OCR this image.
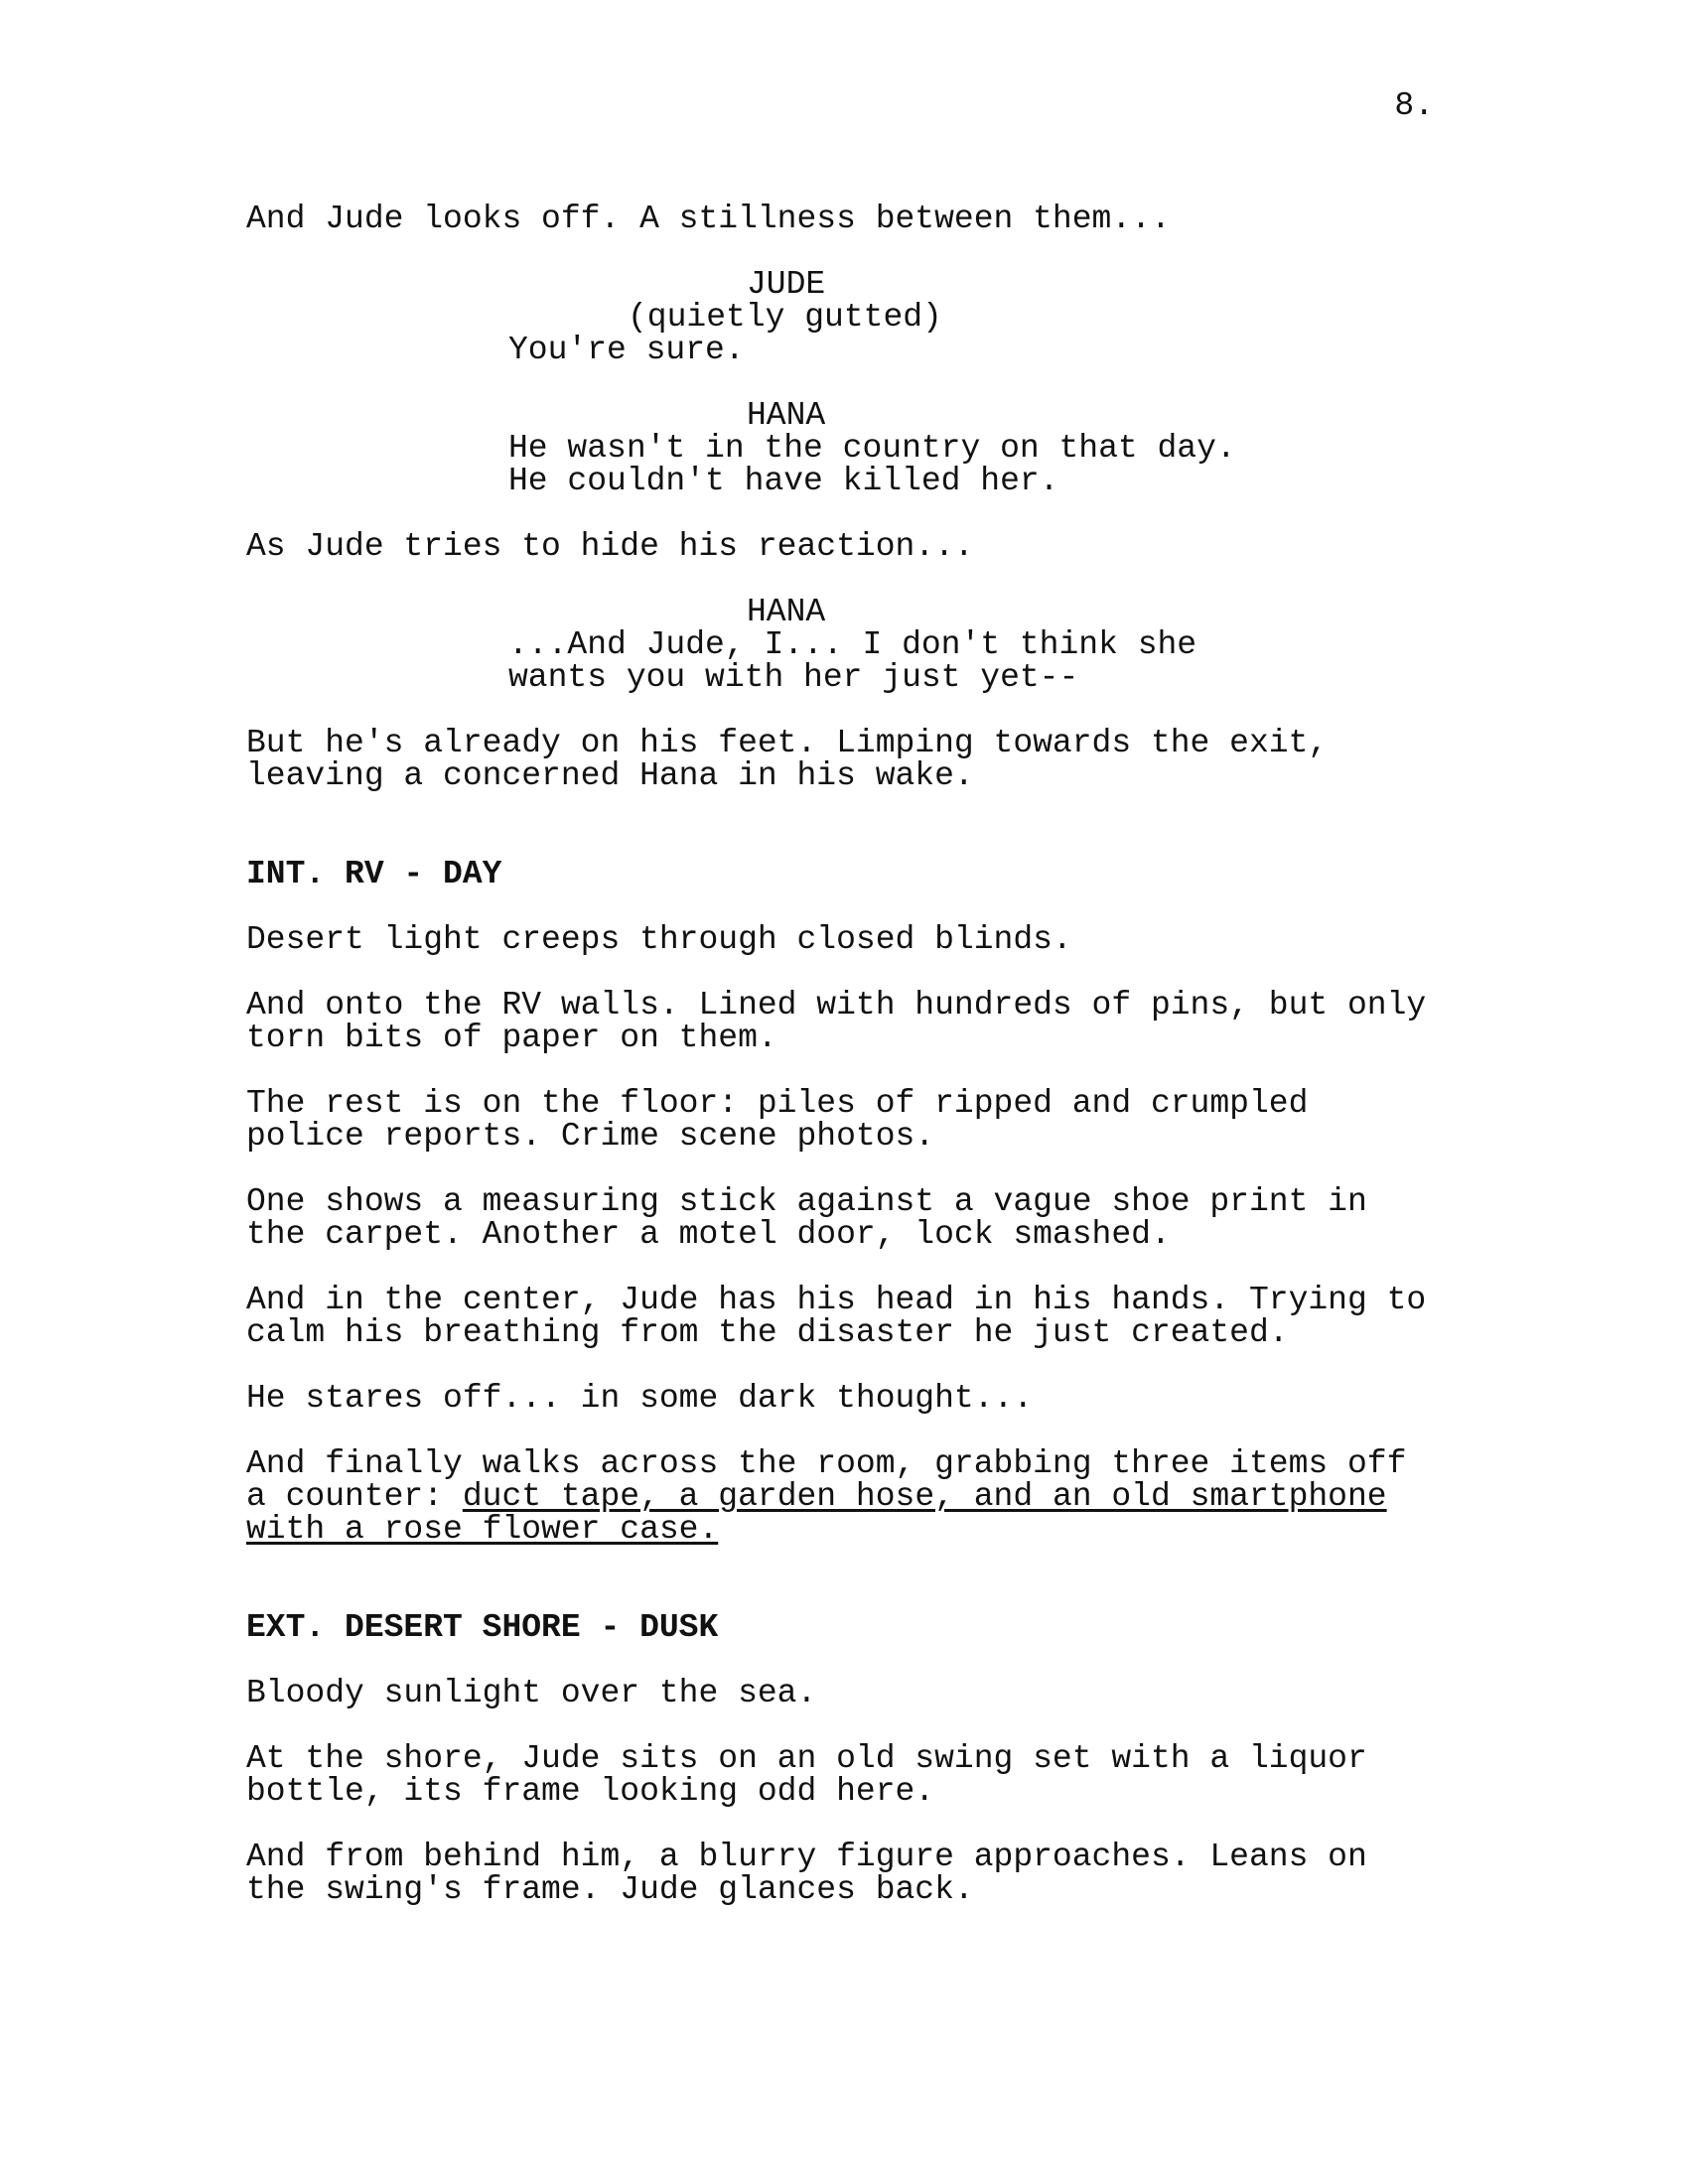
8.

And Jude looks off. A stillness between them...

JUDE

(quietly gutted)

You're sure.

HANA

He wasn't in the country on that day.

He couldn't have killed her.

As Jude tries to hide his reaction...

HANA

...And Jude, I... I don't think she

wants you with her just yet--

But he's already on his feet. Limping towards the exit,
leaving a concerned Hana in his wake.

INT. RV - DAY

Desert light creeps through closed blinds.
And onto the RV walls. Lined with hundreds of pins, but only
torn bits of paper on them.
The rest is on the floor: piles of ripped and crumpled
police reports. Crime scene photos.
One shows a measuring stick against a vague shoe print in
the carpet. Another a motel door, lock smashed.
And in the center, Jude has his head in his hands. Trying to
calm his breathing from the disaster he just created.
He stares off... in some dark thought...
And finally walks across the room, grabbing three items off
a counter: duct tape, a garden hose, and an old smartphone
with a rose flower case.

EXT. DESERT SHORE - DUSK

Bloody sunlight over the sea.
At the shore, Jude sits on an old swing set with a liquor
bottle, its frame looking odd here.
And from behind him, a blurry figure approaches. Leans on
the swing's frame. Jude glances back.
